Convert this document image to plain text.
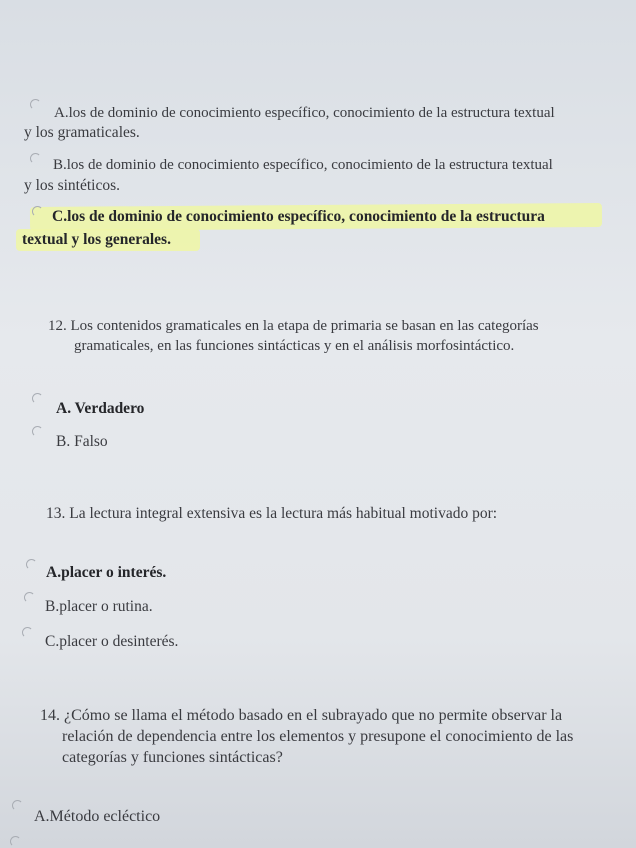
A.los de dominio de conocimiento específico, conocimiento de la estructura textual
y los gramaticales.
B.los de dominio de conocimiento específico, conocimiento de la estructura textual
y los sintéticos.
C.los de dominio de conocimiento específico, conocimiento de la estructura
textual y los generales.
12. Los contenidos gramaticales en la etapa de primaria se basan en las categorías
gramaticales, en las funciones sintácticas y en el análisis morfosintáctico.
A. Verdadero
B. Falso
13. La lectura integral extensiva es la lectura más habitual motivado por:
A.placer o interés.
B.placer o rutina.
C.placer o desinterés.
14. ¿Cómo se llama el método basado en el subrayado que no permite observar la
relación de dependencia entre los elementos y presupone el conocimiento de las
categorías y funciones sintácticas?
A.Método ecléctico
